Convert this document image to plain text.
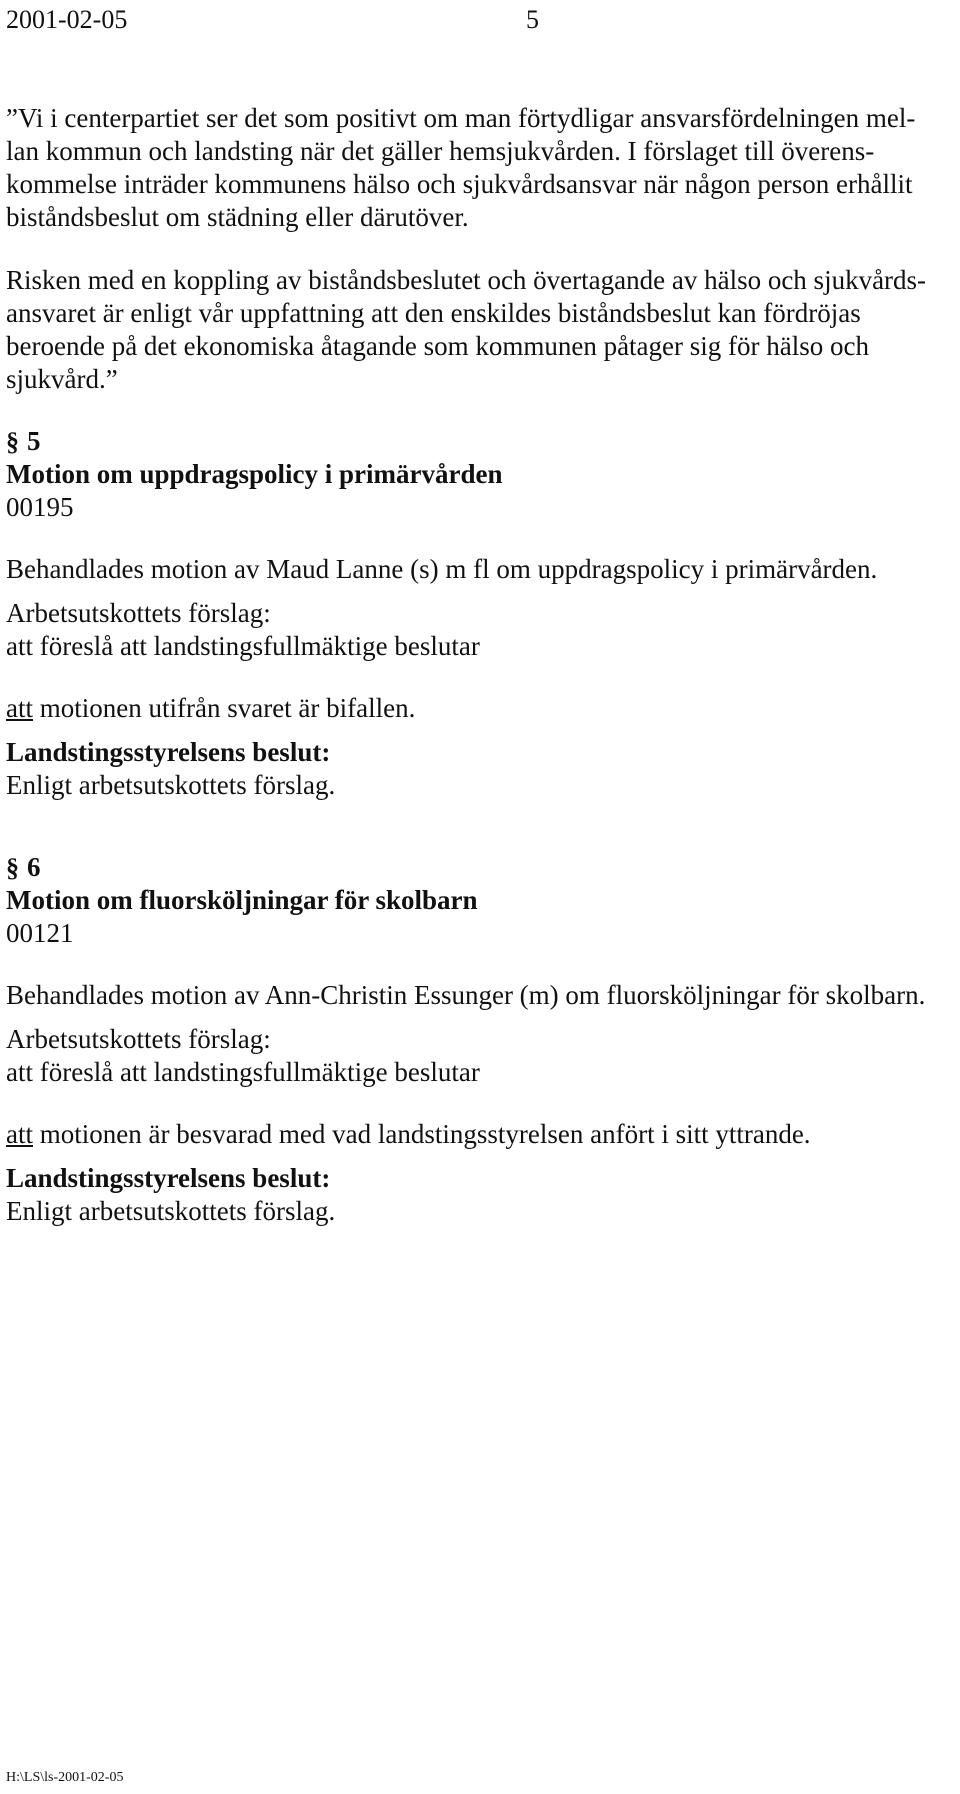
2001-02-05	5
”Vi i centerpartiet ser det som positivt om man förtydligar ansvarsfördelningen mel-
lan kommun och landsting när det gäller hemsjukvården. I förslaget till överens-
kommelse inträder kommunens hälso och sjukvårdsansvar när någon person erhållit
biståndsbeslut om städning eller därutöver.
Risken med en koppling av biståndsbeslutet och övertagande av hälso och sjukvårds-
ansvaret är enligt vår uppfattning att den enskildes biståndsbeslut kan fördröjas
beroende på det ekonomiska åtagande som kommunen påtager sig för hälso och
sjukvård.”
§ 5
Motion om uppdragspolicy i primärvården
00195
Behandlades motion av Maud Lanne (s) m fl om uppdragspolicy i primärvården.
Arbetsutskottets förslag:
att föreslå att landstingsfullmäktige beslutar
att motionen utifrån svaret är bifallen.
Landstingsstyrelsens beslut:
Enligt arbetsutskottets förslag.
§ 6
Motion om fluorsköljningar för skolbarn
00121
Behandlades motion av Ann-Christin Essunger (m) om fluorsköljningar för skolbarn.
Arbetsutskottets förslag:
att föreslå att landstingsfullmäktige beslutar
att motionen är besvarad med vad landstingsstyrelsen anfört i sitt yttrande.
Landstingsstyrelsens beslut:
Enligt arbetsutskottets förslag.
H:\LS\ls-2001-02-05
